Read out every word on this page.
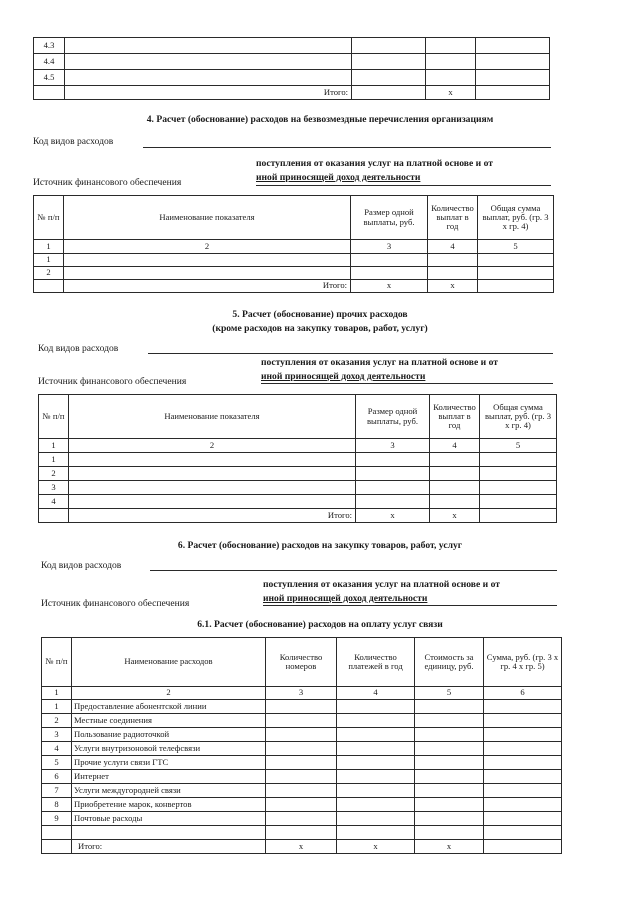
4.3				
4.4				
4.5				
	Итого:		x	
4. Расчет (обоснование) расходов на безвозмездные перечисления организациям
Код видов расходов
поступления от оказания услуг на платной основе и от
Источник финансового обеспечения	иной приносящей доход деятельности
№ п/п	Наименование показателя	Размер одной выплаты, руб.	Количество выплат в год	Общая сумма выплат, руб. (гр. 3 х гр. 4)
1	2	3	4	5
1				
2				
	Итого:	x	x	
5. Расчет (обоснование) прочих расходов
(кроме расходов на закупку товаров, работ, услуг)
Код видов расходов
поступления от оказания услуг на платной основе и от
Источник финансового обеспечения	иной приносящей доход деятельности
№ п/п	Наименование показателя	Размер одной выплаты, руб.	Количество выплат в год	Общая сумма выплат, руб. (гр. 3 х гр. 4)
1	2	3	4	5
1				
2				
3				
4				
	Итого:	x	x	
6. Расчет (обоснование) расходов на закупку товаров, работ, услуг
Код видов расходов
поступления от оказания услуг на платной основе и от
Источник финансового обеспечения	иной приносящей доход деятельности
6.1. Расчет (обоснование) расходов на оплату услуг связи
№ п/п	Наименование расходов	Количество номеров	Количество платежей в год	Стоимость за единицу, руб.	Сумма, руб. (гр. 3 х гр. 4 х гр. 5)
1	2	3	4	5	6
1	Предоставление абонентской линии				
2	Местные соединения				
3	Пользование радиоточкой				
4	Услуги внутризоновой телефсвязи				
5	Прочие услуги связи ГТС				
6	Интернет				
7	Услуги междугородней связи				
8	Приобретение марок, конвертов				
9	Почтовые расходы				

	Итого:	x	x	x	
